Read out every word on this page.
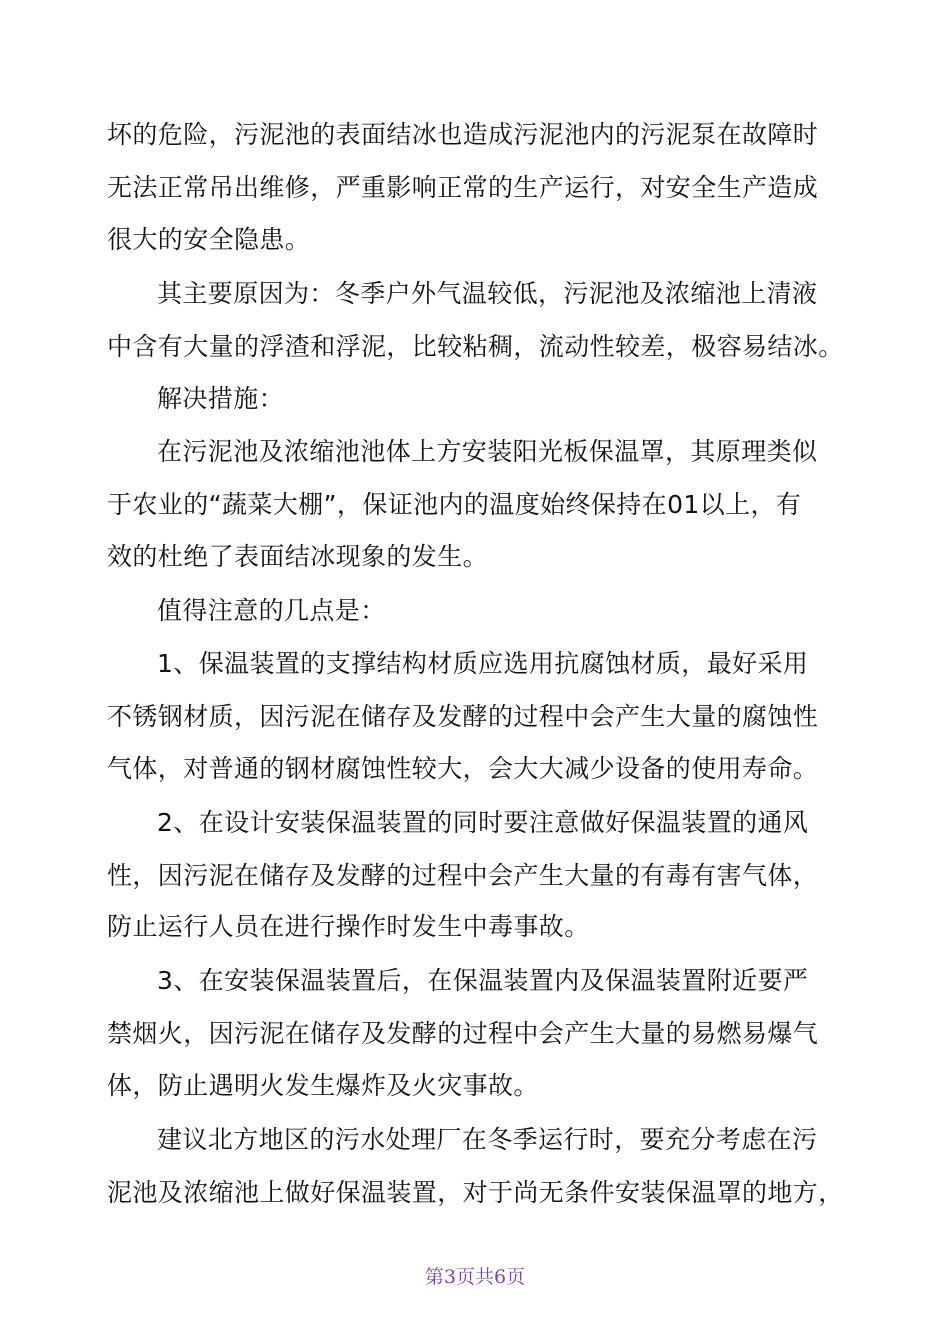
坏的危险，污泥池的表面结冰也造成污泥池内的污泥泵在故障时
无法正常吊出维修，严重影响正常的生产运行，对安全生产造成
很大的安全隐患。
其主要原因为：冬季户外气温较低，污泥池及浓缩池上清液
中含有大量的浮渣和浮泥，比较粘稠，流动性较差，极容易结冰。
解决措施：
在污泥池及浓缩池池体上方安装阳光板保温罩，其原理类似
于农业的“蔬菜大棚”，保证池内的温度始终保持在01以上，有
效的杜绝了表面结冰现象的发生。
值得注意的几点是：
1、保温装置的支撑结构材质应选用抗腐蚀材质，最好采用
不锈钢材质，因污泥在储存及发酵的过程中会产生大量的腐蚀性
气体，对普通的钢材腐蚀性较大，会大大减少设备的使用寿命。
2、在设计安装保温装置的同时要注意做好保温装置的通风
性，因污泥在储存及发酵的过程中会产生大量的有毒有害气体，
防止运行人员在进行操作时发生中毒事故。
3、在安装保温装置后，在保温装置内及保温装置附近要严
禁烟火，因污泥在储存及发酵的过程中会产生大量的易燃易爆气
体，防止遇明火发生爆炸及火灾事故。
建议北方地区的污水处理厂在冬季运行时，要充分考虑在污
泥池及浓缩池上做好保温装置，对于尚无条件安装保温罩的地方，
第3页共6页
